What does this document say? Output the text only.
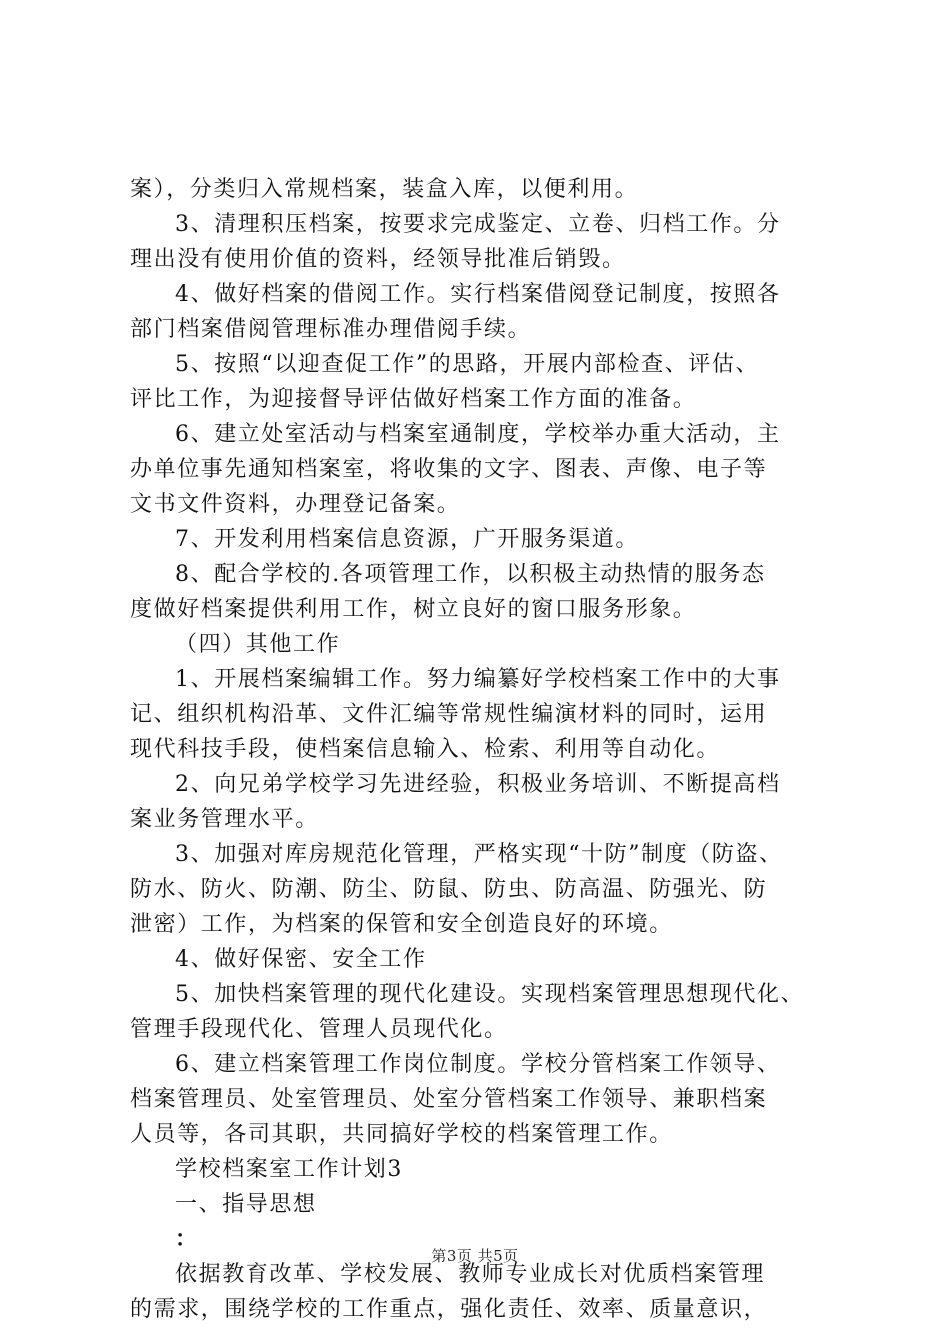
案），分类归入常规档案，装盒入库，以便利用。
3、清理积压档案，按要求完成鉴定、立卷、归档工作。分
理出没有使用价值的资料，经领导批准后销毁。
4、做好档案的借阅工作。实行档案借阅登记制度，按照各
部门档案借阅管理标准办理借阅手续。
5、按照“以迎查促工作”的思路，开展内部检查、评估、
评比工作，为迎接督导评估做好档案工作方面的准备。
6、建立处室活动与档案室通制度，学校举办重大活动，主
办单位事先通知档案室，将收集的文字、图表、声像、电子等
文书文件资料，办理登记备案。
7、开发利用档案信息资源，广开服务渠道。
8、配合学校的.各项管理工作，以积极主动热情的服务态
度做好档案提供利用工作，树立良好的窗口服务形象。
（四）其他工作
1、开展档案编辑工作。努力编纂好学校档案工作中的大事
记、组织机构沿革、文件汇编等常规性编演材料的同时，运用
现代科技手段，使档案信息输入、检索、利用等自动化。
2、向兄弟学校学习先进经验，积极业务培训、不断提高档
案业务管理水平。
3、加强对库房规范化管理，严格实现“十防”制度（防盗、
防水、防火、防潮、防尘、防鼠、防虫、防高温、防强光、防
泄密）工作，为档案的保管和安全创造良好的环境。
4、做好保密、安全工作
5、加快档案管理的现代化建设。实现档案管理思想现代化、
管理手段现代化、管理人员现代化。
6、建立档案管理工作岗位制度。学校分管档案工作领导、
档案管理员、处室管理员、处室分管档案工作领导、兼职档案
人员等，各司其职，共同搞好学校的档案管理工作。
学校档案室工作计划3
一、指导思想
：
依据教育改革、学校发展、教师专业成长对优质档案管理
的需求，围绕学校的工作重点，强化责任、效率、质量意识，
第3页 共5页
